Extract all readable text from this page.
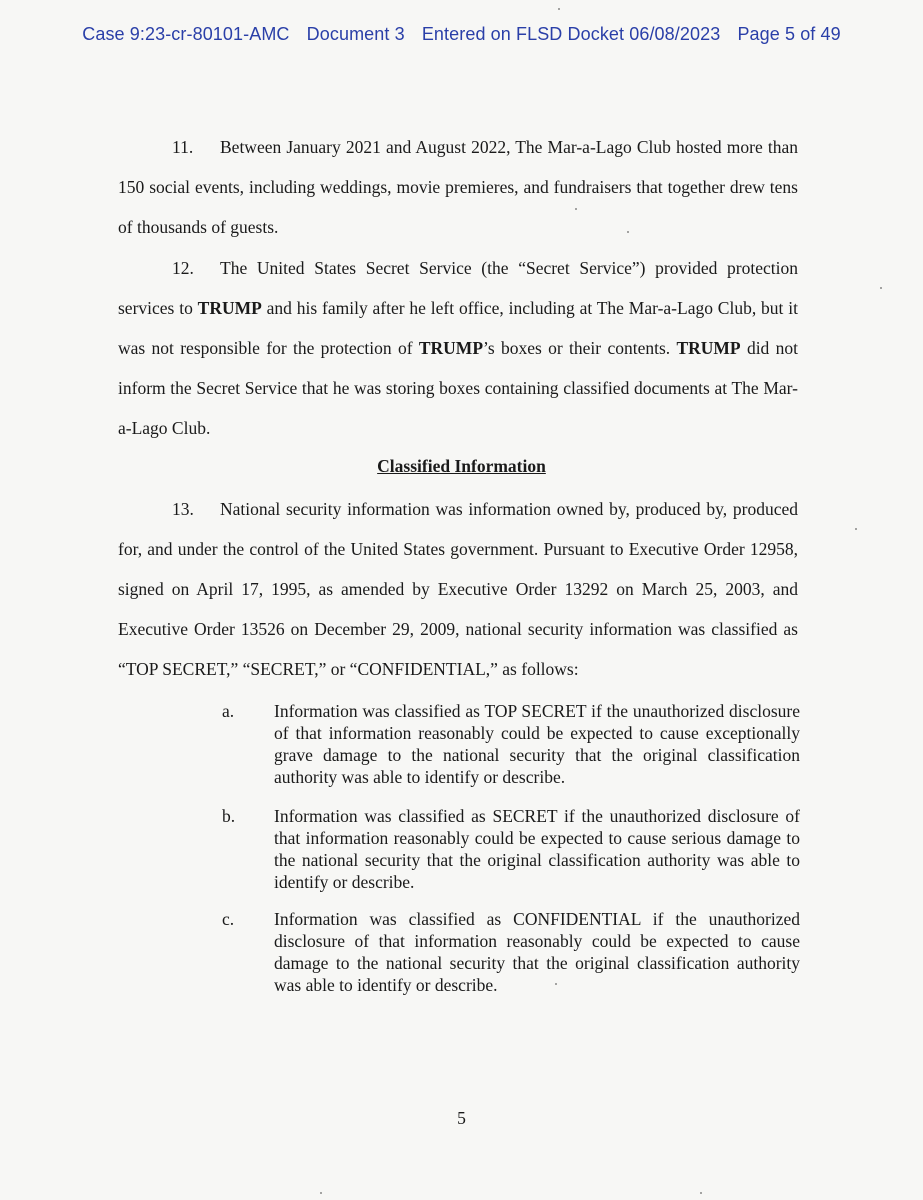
Case 9:23-cr-80101-AMC Document 3 Entered on FLSD Docket 06/08/2023 Page 5 of 49
11. Between January 2021 and August 2022, The Mar-a-Lago Club hosted more than 150 social events, including weddings, movie premieres, and fundraisers that together drew tens of thousands of guests.
12. The United States Secret Service (the “Secret Service”) provided protection services to TRUMP and his family after he left office, including at The Mar-a-Lago Club, but it was not responsible for the protection of TRUMP’s boxes or their contents. TRUMP did not inform the Secret Service that he was storing boxes containing classified documents at The Mar-a-Lago Club.
Classified Information
13. National security information was information owned by, produced by, produced for, and under the control of the United States government. Pursuant to Executive Order 12958, signed on April 17, 1995, as amended by Executive Order 13292 on March 25, 2003, and Executive Order 13526 on December 29, 2009, national security information was classified as “TOP SECRET,” “SECRET,” or “CONFIDENTIAL,” as follows:
a. Information was classified as TOP SECRET if the unauthorized disclosure of that information reasonably could be expected to cause exceptionally grave damage to the national security that the original classification authority was able to identify or describe.
b. Information was classified as SECRET if the unauthorized disclosure of that information reasonably could be expected to cause serious damage to the national security that the original classification authority was able to identify or describe.
c. Information was classified as CONFIDENTIAL if the unauthorized disclosure of that information reasonably could be expected to cause damage to the national security that the original classification authority was able to identify or describe.
5
